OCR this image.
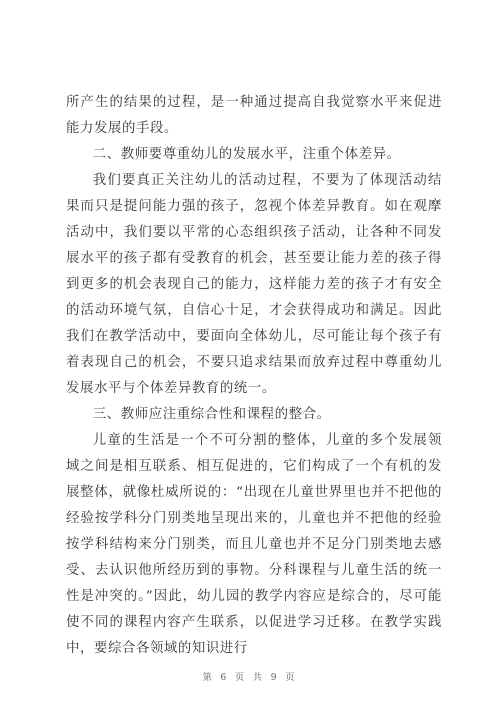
所产生的结果的过程，是一种通过提高自我觉察水平来促进能力发展的手段。

二、教师要尊重幼儿的发展水平，注重个体差异。

我们要真正关注幼儿的活动过程，不要为了体现活动结果而只是提问能力强的孩子，忽视个体差异教育。如在观摩活动中，我们要以平常的心态组织孩子活动，让各种不同发展水平的孩子都有受教育的机会，甚至要让能力差的孩子得到更多的机会表现自己的能力，这样能力差的孩子才有安全的活动环境气氛，自信心十足，才会获得成功和满足。因此我们在教学活动中，要面向全体幼儿，尽可能让每个孩子有着表现自己的机会，不要只追求结果而放弃过程中尊重幼儿发展水平与个体差异教育的统一。

三、教师应注重综合性和课程的整合。

儿童的生活是一个不可分割的整体，儿童的多个发展领域之间是相互联系、相互促进的，它们构成了一个有机的发展整体，就像杜威所说的：“出现在儿童世界里也并不把他的经验按学科分门别类地呈现出来的，儿童也并不把他的经验按学科结构来分门别类，而且儿童也并不足分门别类地去感受、去认识他所经历到的事物。分科课程与儿童生活的统一性是冲突的。”因此，幼儿园的教学内容应是综合的，尽可能使不同的课程内容产生联系，以促进学习迁移。在教学实践中，要综合各领域的知识进行

第 6 页 共 9 页
